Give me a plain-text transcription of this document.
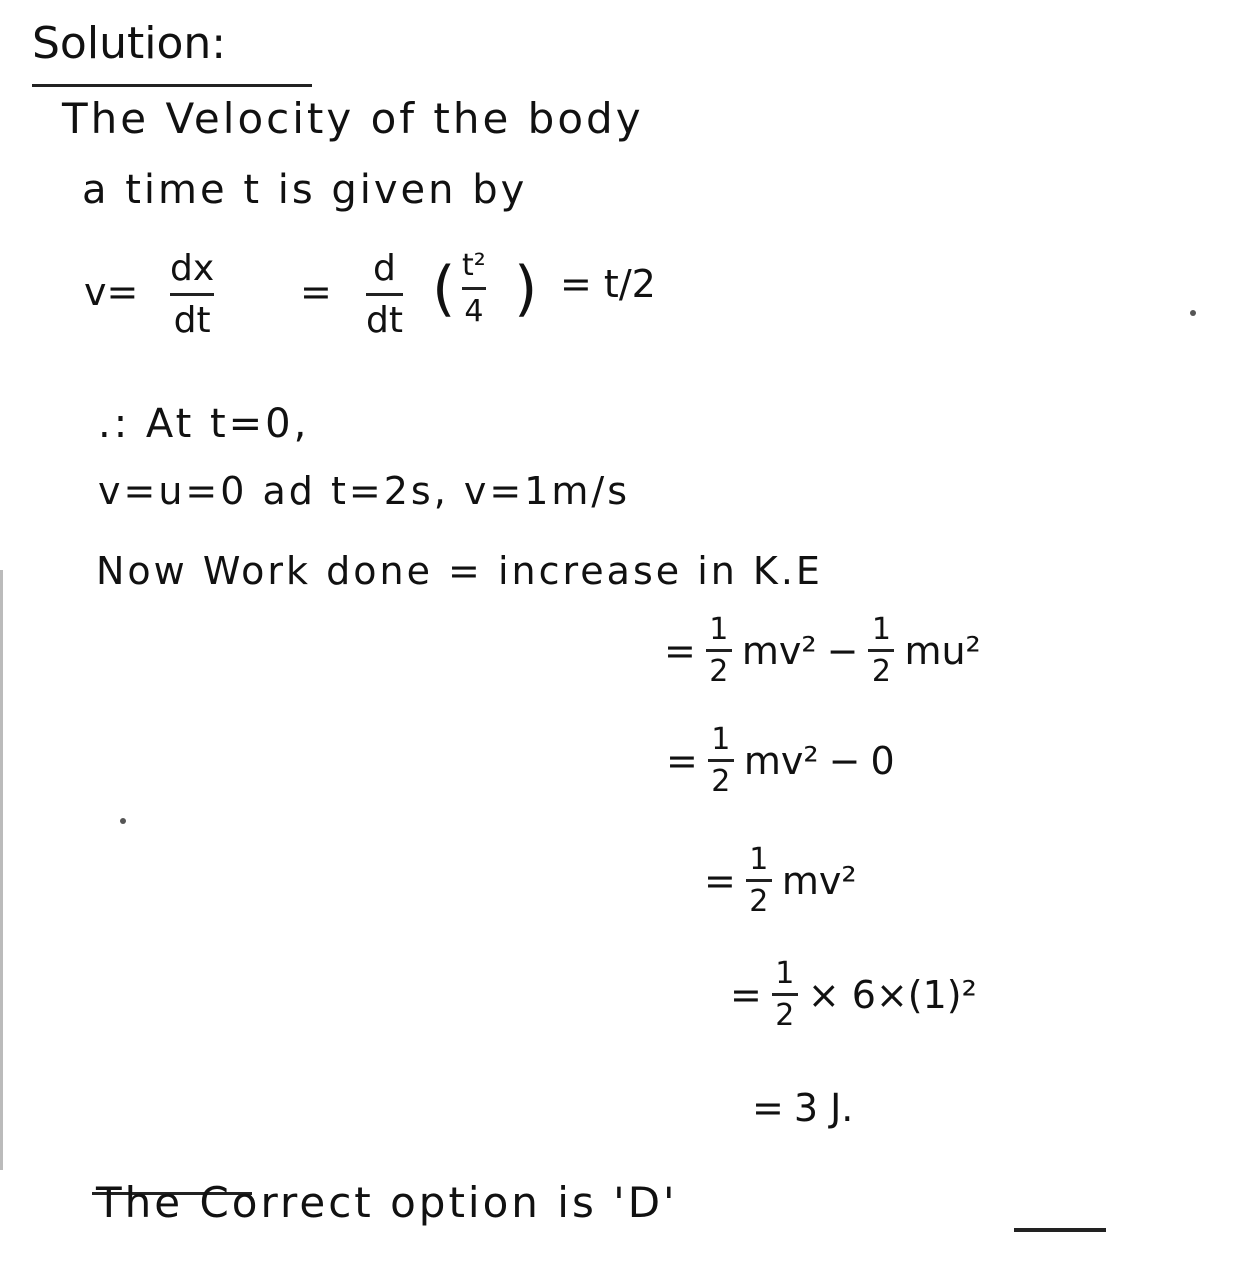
Solution:
The Velocity of the body
a time t is given by
v=
dx
dt
=
d
dt ( t²
4 ) = t/2
.: At t=0,
v=u=0 ad t=2s, v=1m/s
Now Work done = increase in K.E
= 1
2 mv² − 1
2 mu²
= 1
2 mv² − 0
= 1
2 mv²
= 1
2 × 6×(1)²
= 3 J.
The Correct option is 'D'
